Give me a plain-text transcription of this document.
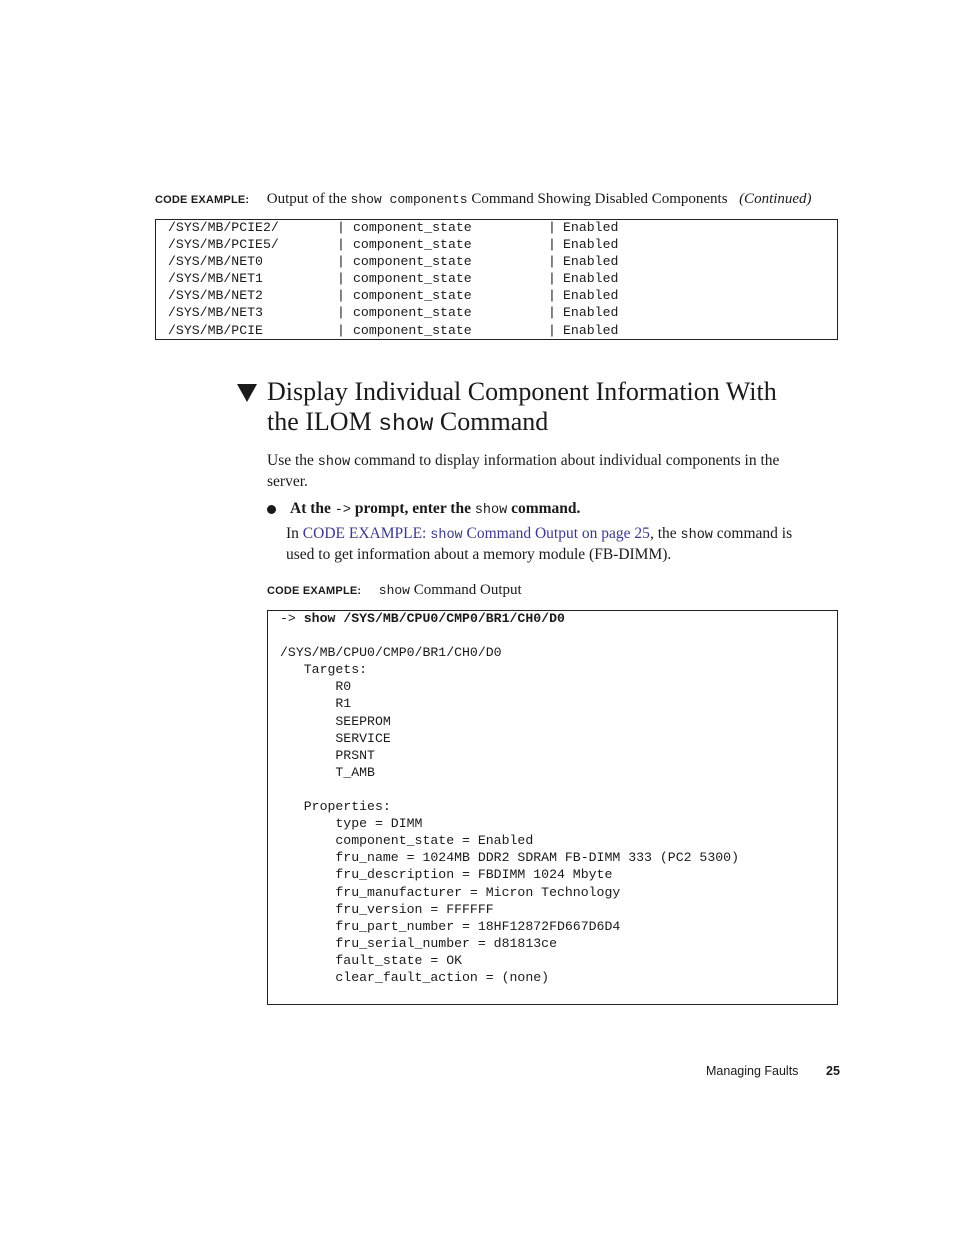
CODE EXAMPLE: Output of the show components Command Showing Disabled Components (Continued)
/SYS/MB/PCIE2/	| component_state	| Enabled
/SYS/MB/PCIE5/	| component_state	| Enabled
/SYS/MB/NET0	| component_state	| Enabled
/SYS/MB/NET1	| component_state	| Enabled
/SYS/MB/NET2	| component_state	| Enabled
/SYS/MB/NET3	| component_state	| Enabled
/SYS/MB/PCIE	| component_state	| Enabled
Display Individual Component Information With
the ILOM show Command
Use the show command to display information about individual components in the
server.
At the -> prompt, enter the show command.
In CODE EXAMPLE: show Command Output on page 25, the show command is
used to get information about a memory module (FB-DIMM).
CODE EXAMPLE: show Command Output
-> show /SYS/MB/CPU0/CMP0/BR1/CH0/D0
/SYS/MB/CPU0/CMP0/BR1/CH0/D0
Targets:
R0
R1
SEEPROM
SERVICE
PRSNT
T_AMB
Properties:
type = DIMM
component_state = Enabled
fru_name = 1024MB DDR2 SDRAM FB-DIMM 333 (PC2 5300)
fru_description = FBDIMM 1024 Mbyte
fru_manufacturer = Micron Technology
fru_version = FFFFFF
fru_part_number = 18HF12872FD667D6D4
fru_serial_number = d81813ce
fault_state = OK
clear_fault_action = (none)
Managing Faults 25
